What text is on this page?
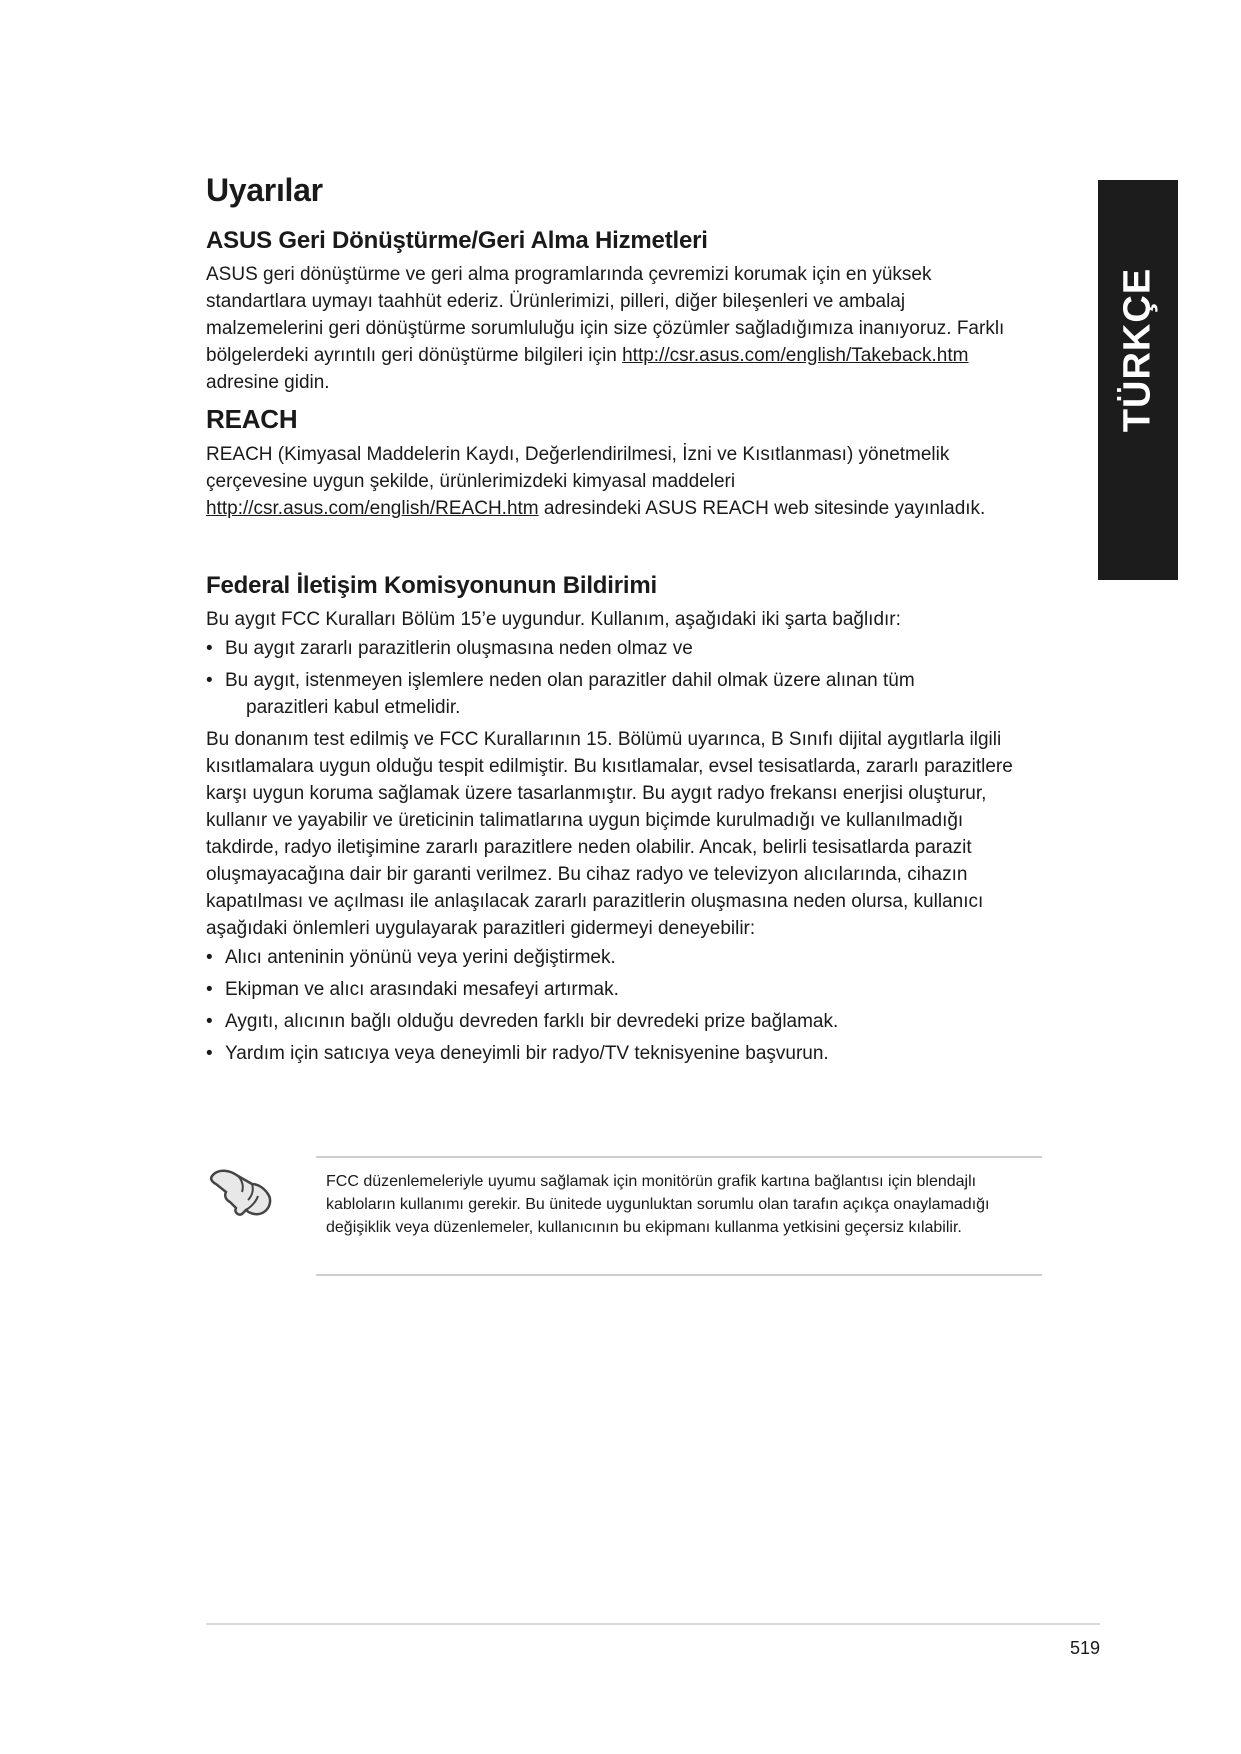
TÜRKÇE
Uyarılar
ASUS Geri Dönüştürme/Geri Alma Hizmetleri

ASUS geri dönüştürme ve geri alma programlarında çevremizi korumak için en yüksek standartlara uymayı taahhüt ederiz. Ürünlerimizi, pilleri, diğer bileşenleri ve ambalaj malzemelerini geri dönüştürme sorumluluğu için size çözümler sağladığımıza inanıyoruz. Farklı bölgelerdeki ayrıntılı geri dönüştürme bilgileri için http://csr.asus.com/english/Takeback.htm adresine gidin.

REACH

REACH (Kimyasal Maddelerin Kaydı, Değerlendirilmesi, İzni ve Kısıtlanması) yönetmelik çerçevesine uygun şekilde, ürünlerimizdeki kimyasal maddeleri http://csr.asus.com/english/REACH.htm adresindeki ASUS REACH web sitesinde yayınladık.

Federal İletişim Komisyonunun Bildirimi

Bu aygıt FCC Kuralları Bölüm 15’e uygundur. Kullanım, aşağıdaki iki şarta bağlıdır:

• Bu aygıt zararlı parazitlerin oluşmasına neden olmaz ve
• Bu aygıt, istenmeyen işlemlere neden olan parazitler dahil olmak üzere alınan tüm
parazitleri kabul etmelidir.

Bu donanım test edilmiş ve FCC Kurallarının 15. Bölümü uyarınca, B Sınıfı dijital aygıtlarla ilgili kısıtlamalara uygun olduğu tespit edilmiştir. Bu kısıtlamalar, evsel tesisatlarda, zararlı parazitlere karşı uygun koruma sağlamak üzere tasarlanmıştır. Bu aygıt radyo frekansı enerjisi oluşturur, kullanır ve yayabilir ve üreticinin talimatlarına uygun biçimde kurulmadığı ve kullanılmadığı takdirde, radyo iletişimine zararlı parazitlere neden olabilir. Ancak, belirli tesisatlarda parazit oluşmayacağına dair bir garanti verilmez. Bu cihaz radyo ve televizyon alıcılarında, cihazın kapatılması ve açılması ile anlaşılacak zararlı parazitlerin oluşmasına neden olursa, kullanıcı aşağıdaki önlemleri uygulayarak parazitleri gidermeyi deneyebilir:

• Alıcı anteninin yönünü veya yerini değiştirmek.
• Ekipman ve alıcı arasındaki mesafeyi artırmak.
• Aygıtı, alıcının bağlı olduğu devreden farklı bir devredeki prize bağlamak.
• Yardım için satıcıya veya deneyimli bir radyo/TV teknisyenine başvurun.

FCC düzenlemeleriyle uyumu sağlamak için monitörün grafik kartına bağlantısı için blendajlı kabloların kullanımı gerekir. Bu ünitede uygunluktan sorumlu olan tarafın açıkça onaylamadığı değişiklik veya düzenlemeler, kullanıcının bu ekipmanı kullanma yetkisini geçersiz kılabilir.

519
